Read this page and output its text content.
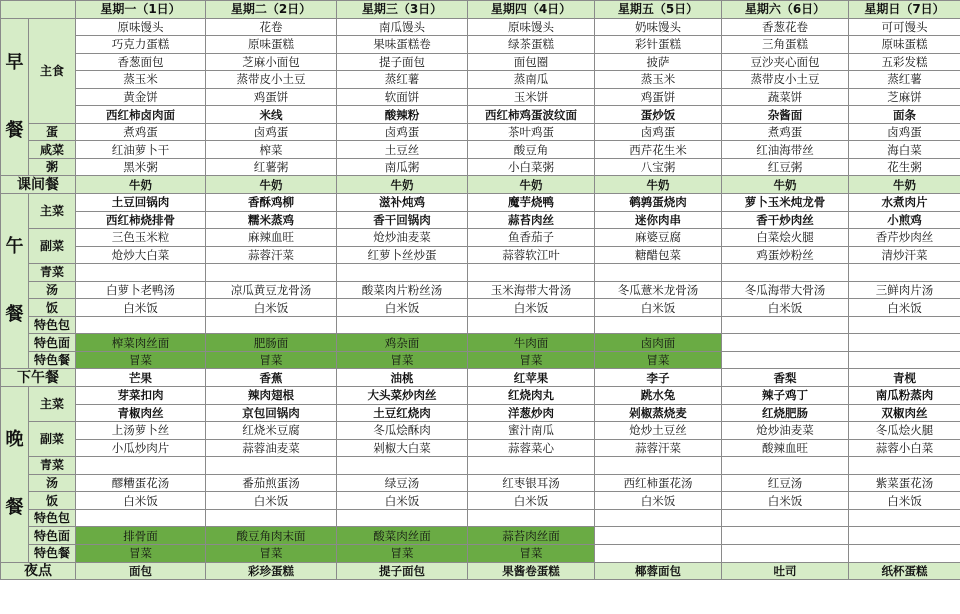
		星期一（1日）	星期二（2日）	星期三（3日）	星期四（4日）	星期五（5日）	星期六（6日）	星期日（7日）
早

餐	主食	原味馒头	花卷	南瓜馒头	原味馒头	奶味馒头	香葱花卷	可可馒头
		巧克力蛋糕	原味蛋糕	果味蛋糕卷	绿茶蛋糕	彩针蛋糕	三角蛋糕	原味蛋糕
		香葱面包	芝麻小面包	提子面包	面包圈	披萨	豆沙夹心面包	五彩发糕
		蒸玉米	蒸带皮小土豆	蒸红薯	蒸南瓜	蒸玉米	蒸带皮小土豆	蒸红薯
		黄金饼	鸡蛋饼	软面饼	玉米饼	鸡蛋饼	蔬菜饼	芝麻饼
		西红柿卤肉面	米线	酸辣粉	西红柿鸡蛋波纹面	蛋炒饭	杂酱面	面条
	蛋	煮鸡蛋	卤鸡蛋	卤鸡蛋	茶叶鸡蛋	卤鸡蛋	煮鸡蛋	卤鸡蛋
	咸菜	红油萝卜干	榨菜	土豆丝	酸豆角	西芹花生米	红油海带丝	海白菜
	粥	黑米粥	红薯粥	南瓜粥	小白菜粥	八宝粥	红豆粥	花生粥
课间餐		牛奶	牛奶	牛奶	牛奶	牛奶	牛奶	牛奶
午

餐	主菜	土豆回锅肉	香酥鸡柳	滋补炖鸡	魔芋烧鸭	鹌鹑蛋烧肉	萝卜玉米炖龙骨	水煮肉片
		西红柿烧排骨	糯米蒸鸡	香干回锅肉	蒜苔肉丝	迷你肉串	香干炒肉丝	小煎鸡
	副菜	三色玉米粒	麻辣血旺	炝炒油麦菜	鱼香茄子	麻婆豆腐	白菜烩火腿	香芹炒肉丝
		炝炒大白菜	蒜蓉汗菜	红萝卜丝炒蛋	蒜蓉软江叶	糖醋包菜	鸡蛋炒粉丝	清炒汗菜
	青菜							
	汤	白萝卜老鸭汤	凉瓜黄豆龙骨汤	酸菜肉片粉丝汤	玉米海带大骨汤	冬瓜薏米龙骨汤	冬瓜海带大骨汤	三鲜肉片汤
	饭	白米饭	白米饭	白米饭	白米饭	白米饭	白米饭	白米饭
	特色包							
	特色面	榨菜肉丝面	肥肠面	鸡杂面	牛肉面	卤肉面		
	特色餐	冒菜	冒菜	冒菜	冒菜	冒菜		
下午餐		芒果	香蕉	油桃	红苹果	李子	香梨	青枧
晚

餐	主菜	芽菜扣肉	辣肉翅根	大头菜炒肉丝	红烧肉丸	跳水兔	辣子鸡丁	南瓜粉蒸肉
		青椒肉丝	京包回锅肉	土豆红烧肉	洋葱炒肉	剁椒蒸烧麦	红烧肥肠	双椒肉丝
	副菜	上汤萝卜丝	红烧米豆腐	冬瓜烩酥肉	蜜汁南瓜	炝炒土豆丝	炝炒油麦菜	冬瓜烩火腿
		小瓜炒肉片	蒜蓉油麦菜	剁椒大白菜	蒜蓉菜心	蒜蓉汗菜	酸辣血旺	蒜蓉小白菜
	青菜							
	汤	醪糟蛋花汤	番茄煎蛋汤	绿豆汤	红枣银耳汤	西红柿蛋花汤	红豆汤	紫菜蛋花汤
	饭	白米饭	白米饭	白米饭	白米饭	白米饭	白米饭	白米饭
	特色包							
	特色面	排骨面	酸豆角肉末面	酸菜肉丝面	蒜苔肉丝面			
	特色餐	冒菜	冒菜	冒菜	冒菜			
夜点		面包	彩珍蛋糕	提子面包	果酱卷蛋糕	椰蓉面包	吐司	纸杯蛋糕
